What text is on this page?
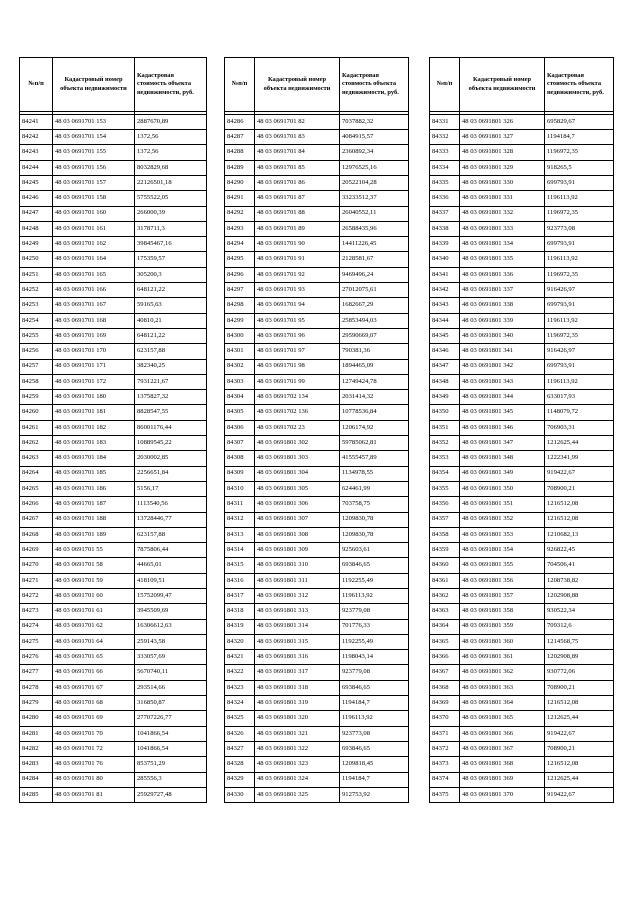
№п/п	Кадастровый номер объекта недвижимости	Кадастровая стоимость объекта недвижимости, руб.

84241	48 03 0691701 153	2887670,89
84242	48 03 0691701 154	1372,56
84243	48 03 0691701 155	1372,56
84244	48 03 0691701 156	8032829,68
84245	48 03 0691701 157	22126501,18
84246	48 03 0691701 158	5755522,05
84247	48 03 0691701 160	266000,39
84248	48 03 0691701 161	3178711,3
84249	48 03 0691701 162	39845467,16
84250	48 03 0691701 164	175359,57
84251	48 03 0691701 165	305200,3
84252	48 03 0691701 166	648121,22
84253	48 03 0691701 167	59165,63
84254	48 03 0691701 168	40810,21
84255	48 03 0691701 169	648121,22
84256	48 03 0691701 170	623157,88
84257	48 03 0691701 171	382340,25
84258	48 03 0691701 172	7931221,67
84259	48 03 0691701 180	1375827,32
84260	48 03 0691701 181	8828547,55
84261	48 03 0691701 182	86001176,44
84262	48 03 0691701 183	10889545,22
84263	48 03 0691701 184	2030002,85
84264	48 03 0691701 185	2256651,84
84265	48 03 0691701 186	5156,17
84266	48 03 0691701 187	1113540,56
84267	48 03 0691701 188	13728446,77
84268	48 03 0691701 189	623157,88
84269	48 03 0691701 55	7875806,44
84270	48 03 0691701 58	44665,01
84271	48 03 0691701 59	418109,51
84272	48 03 0691701 60	15752099,47
84273	48 03 0691701 61	3945509,69
84274	48 03 0691701 62	16306612,63
84275	48 03 0691701 64	259143,58
84276	48 03 0691701 65	333057,69
84277	48 03 0691701 66	5670740,11
84278	48 03 0691701 67	293514,66
84279	48 03 0691701 68	316850,87
84280	48 03 0691701 69	27707226,77
84281	48 03 0691701 70	1041866,54
84282	48 03 0691701 72	1041866,54
84283	48 03 0691701 76	853751,29
84284	48 03 0691701 80	285556,3
84285	48 03 0691701 81	25929727,48
№п/п	Кадастровый номер объекта недвижимости	Кадастровая стоимость объекта недвижимости, руб.

84286	48 03 0691701 82	7037882,32
84287	48 03 0691701 83	4084915,57
84288	48 03 0691701 84	2360892,34
84289	48 03 0691701 85	12976525,16
84290	48 03 0691701 86	20522104,28
84291	48 03 0691701 87	33233512,37
84292	48 03 0691701 88	26040552,11
84293	48 03 0691701 89	26588435,96
84294	48 03 0691701 90	14411226,45
84295	48 03 0691701 91	2128581,67
84296	48 03 0691701 92	9469496,24
84297	48 03 0691701 93	27012075,61
84298	48 03 0691701 94	1682667,29
84299	48 03 0691701 95	25853494,03
84300	48 03 0691701 96	29590669,07
84301	48 03 0691701 97	790381,36
84302	48 03 0691701 98	1894465,09
84303	48 03 0691701 99	12749424,78
84304	48 03 0691702 134	2031414,32
84305	48 03 0691702 136	10778536,84
84306	48 03 0691702 23	1206174,92
84307	48 03 0691801 302	59785062,81
84308	48 03 0691801 303	41555457,89
84309	48 03 0691801 304	1134978,55
84310	48 03 0691801 305	624461,99
84311	48 03 0691801 306	703758,75
84312	48 03 0691801 307	1209830,78
84313	48 03 0691801 308	1209830,78
84314	48 03 0691801 309	925603,61
84315	48 03 0691801 310	693846,65
84316	48 03 0691801 311	1192255,49
84317	48 03 0691801 312	1196113,92
84318	48 03 0691801 313	923779,08
84319	48 03 0691801 314	701776,33
84320	48 03 0691801 315	1192255,49
84321	48 03 0691801 316	1198043,14
84322	48 03 0691801 317	923779,08
84323	48 03 0691801 318	693846,65
84324	48 03 0691801 319	1194184,7
84325	48 03 0691801 320	1196113,92
84326	48 03 0691801 321	923773,08
84327	48 03 0691801 322	693846,65
84328	48 03 0691801 323	1209818,45
84329	48 03 0691801 324	1194184,7
84330	48 03 0691801 325	912753,92
№п/п	Кадастровый номер объекта недвижимости	Кадастровая стоимость объекта недвижимости, руб.

84331	48 03 0691801 326	695829,67
84332	48 03 0691801 327	1194184,7
84333	48 03 0691801 328	1196972,35
84334	48 03 0691801 329	918265,5
84335	48 03 0691801 330	699793,91
84336	48 03 0691801 331	1196113,92
84337	48 03 0691801 332	1196972,35
84338	48 03 0691801 333	923773,08
84339	48 03 0691801 334	699793,91
84340	48 03 0691801 335	1196113,92
84341	48 03 0691801 336	1196972,35
84342	48 03 0691801 337	916426,97
84343	48 03 0691801 338	699793,91
84344	48 03 0691801 339	1196113,92
84345	48 03 0691801 340	1196972,35
84346	48 03 0691801 341	916426,97
84347	48 03 0691801 342	699793,91
84348	48 03 0691801 343	1196113,92
84349	48 03 0691801 344	633017,93
84350	48 03 0691801 345	1148079,72
84351	48 03 0691801 346	706903,31
84352	48 03 0691801 347	1212625,44
84353	48 03 0691801 348	1222341,99
84354	48 03 0691801 349	919422,67
84355	48 03 0691801 350	708900,21
84356	48 03 0691801 351	1216512,08
84357	48 03 0691801 352	1216512,08
84358	48 03 0691801 353	1210682,13
84359	48 03 0691801 354	926822,45
84360	48 03 0691801 355	704506,41
84361	48 03 0691801 356	1208738,82
84362	48 03 0691801 357	1202908,88
84363	48 03 0691801 358	930522,34
84364	48 03 0691801 359	709312,6
84365	48 03 0691801 360	1214568,75
84366	48 03 0691801 361	1202908,89
84367	48 03 0691801 362	930772,06
84368	48 03 0691801 363	708900,21
84369	48 03 0691801 364	1216512,08
84370	48 03 0691801 365	1212625,44
84371	48 03 0691801 366	919422,67
84372	48 03 0691801 367	708900,21
84373	48 03 0691801 368	1216512,08
84374	48 03 0691801 369	1212625,44
84375	48 03 0691801 370	919422,67
